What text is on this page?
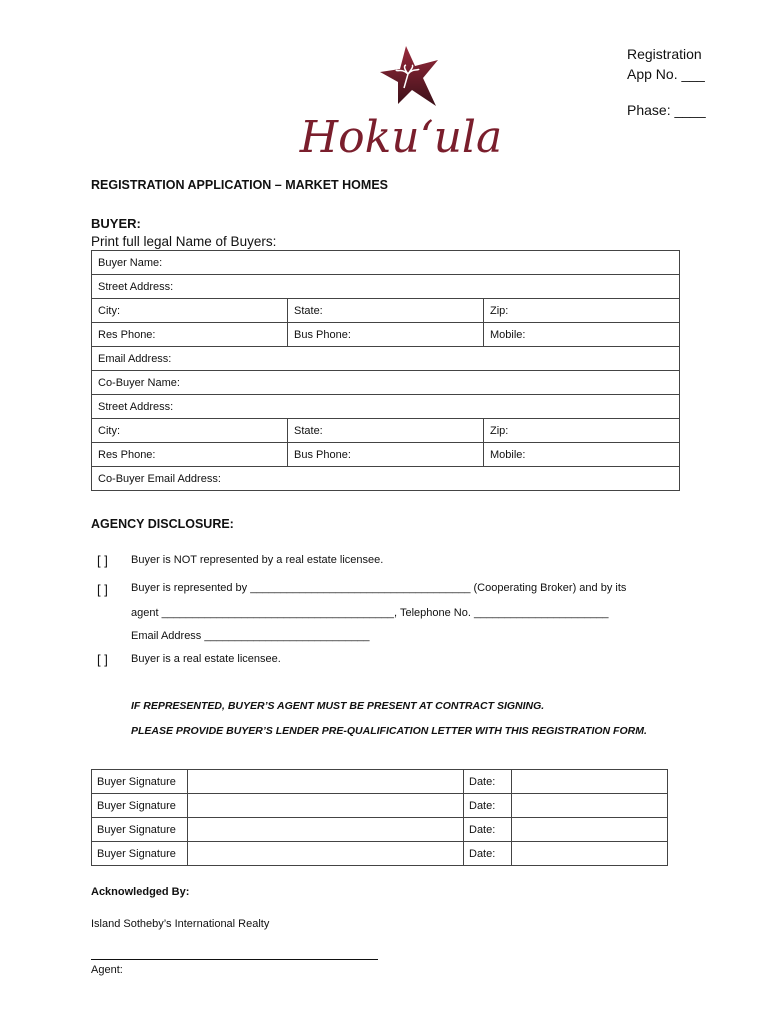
Registration
App No. ___
Phase: ____
Hoku‘ula
REGISTRATION APPLICATION – MARKET HOMES
BUYER:
Print full legal Name of Buyers:
Buyer Name:		
Street Address:		
City:	State:	Zip:
Res Phone:	Bus Phone:	Mobile:
Email Address:		
Co-Buyer Name:		
Street Address:		
City:	State:	Zip:
Res Phone:	Bus Phone:	Mobile:
Co-Buyer Email Address:		
AGENCY DISCLOSURE:
[ ] Buyer is NOT represented by a real estate licensee.
[ ] Buyer is represented by ____________________________________ (Cooperating Broker) and by its
agent ______________________________________, Telephone No. ______________________
Email Address ___________________________
[ ] Buyer is a real estate licensee.
IF REPRESENTED, BUYER’S AGENT MUST BE PRESENT AT CONTRACT SIGNING.
PLEASE PROVIDE BUYER’S LENDER PRE-QUALIFICATION LETTER WITH THIS REGISTRATION FORM.
Buyer Signature		Date:	
Buyer Signature		Date:	
Buyer Signature		Date:	
Buyer Signature		Date:	
Acknowledged By:
Island Sotheby’s International Realty
Agent:
